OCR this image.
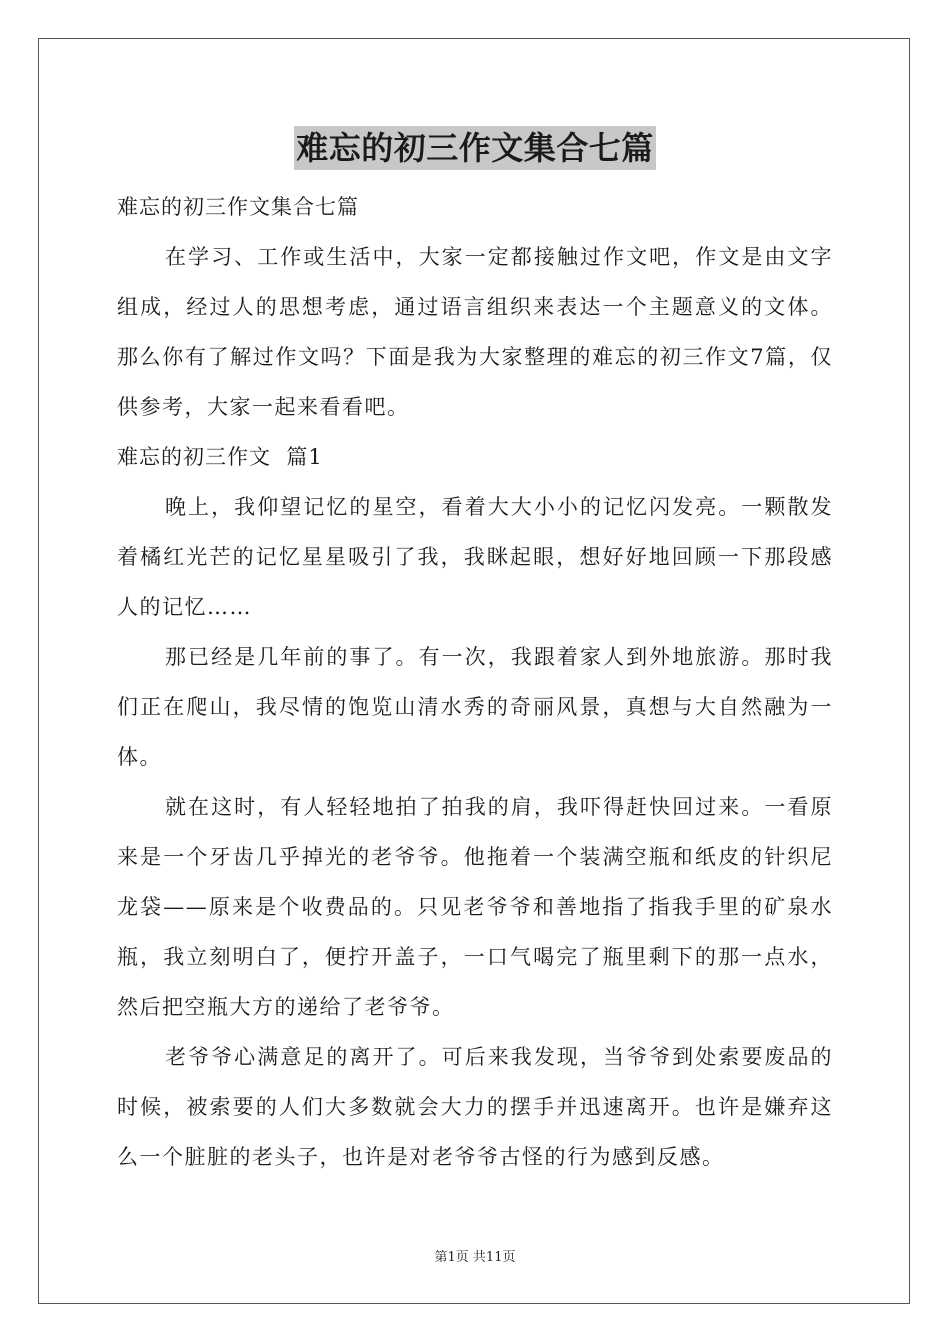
难忘的初三作文集合七篇

难忘的初三作文集合七篇

在学习、工作或生活中，大家一定都接触过作文吧，作文是由文字组成，经过人的思想考虑，通过语言组织来表达一个主题意义的文体。那么你有了解过作文吗？下面是我为大家整理的难忘的初三作文7篇，仅供参考，大家一起来看看吧。

难忘的初三作文  篇1

晚上，我仰望记忆的星空，看着大大小小的记忆闪发亮。一颗散发着橘红光芒的记忆星星吸引了我，我眯起眼，想好好地回顾一下那段感人的记忆……

那已经是几年前的事了。有一次，我跟着家人到外地旅游。那时我们正在爬山，我尽情的饱览山清水秀的奇丽风景，真想与大自然融为一体。

就在这时，有人轻轻地拍了拍我的肩，我吓得赶快回过来。一看原来是一个牙齿几乎掉光的老爷爷。他拖着一个装满空瓶和纸皮的针织尼龙袋——原来是个收费品的。只见老爷爷和善地指了指我手里的矿泉水瓶，我立刻明白了，便拧开盖子，一口气喝完了瓶里剩下的那一点水，然后把空瓶大方的递给了老爷爷。

老爷爷心满意足的离开了。可后来我发现，当爷爷到处索要废品的时候，被索要的人们大多数就会大力的摆手并迅速离开。也许是嫌弃这么一个脏脏的老头子，也许是对老爷爷古怪的行为感到反感。

第1页 共11页
